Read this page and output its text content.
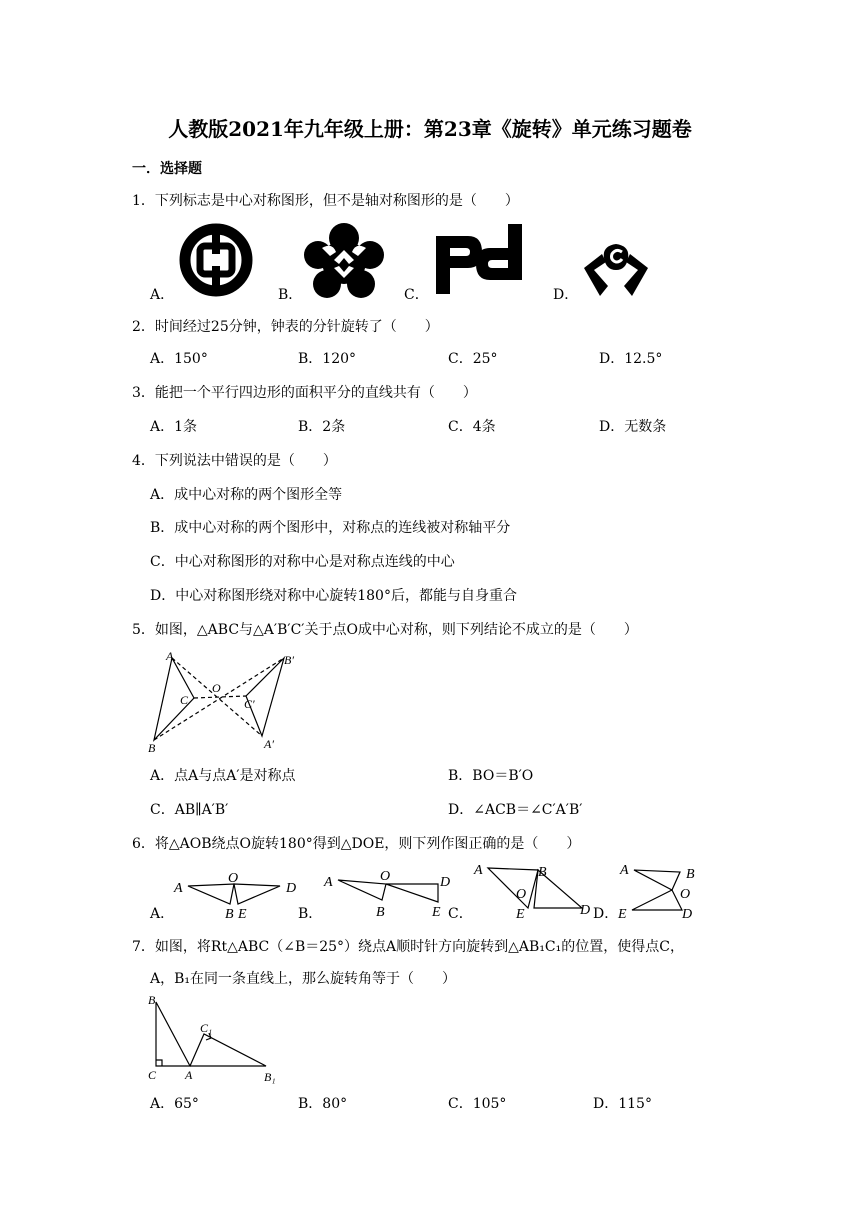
人教版2021年九年级上册：第23章《旋转》单元练习题卷
一．选择题
1．下列标志是中心对称图形，但不是轴对称图形的是（　　）
A．	B．	C．	D．
2．时间经过25分钟，钟表的分针旋转了（　　）
A．150°	B．120°	C．25°	D．12.5°
3．能把一个平行四边形的面积平分的直线共有（　　）
A．1条	B．2条	C．4条	D．无数条
4．下列说法中错误的是（　　）
A．成中心对称的两个图形全等
B．成中心对称的两个图形中，对称点的连线被对称轴平分
C．中心对称图形的对称中心是对称点连线的中心
D．中心对称图形绕对称中心旋转180°后，都能与自身重合
5．如图，△ABC与△A′B′C′关于点O成中心对称，则下列结论不成立的是（　　）
A
B
C
O
A′
B′
C′
A．点A与点A′是对称点	B．BO＝B′O
C．AB∥A′B′	D．∠ACB＝∠C′A′B′
6．将△AOB绕点O旋转180°得到△DOE，则下列作图正确的是（　　）
A．
A
O
B E
D
B．
A	O
B	E
D
C．
A
O
B
E	D D．
A	B
O
E	D
7．如图，将Rt△ABC（∠B＝25°）绕点A顺时针方向旋转到△AB₁C₁的位置，使得点C，
A，B₁在同一条直线上，那么旋转角等于（　　）
B
C A
C₁
B₁
A．65°	B．80°	C．105°	D．115°
